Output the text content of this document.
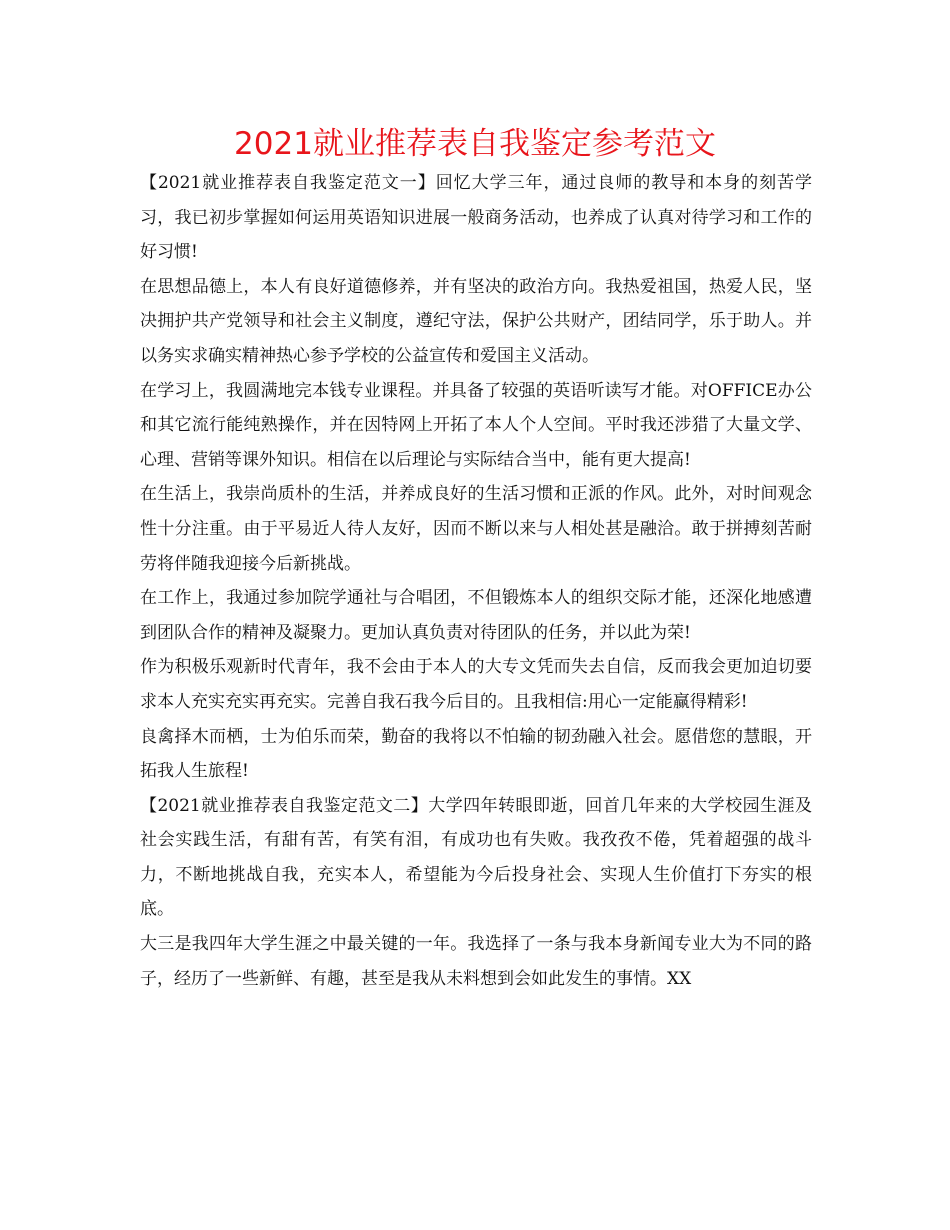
2021就业推荐表自我鉴定参考范文

【2021就业推荐表自我鉴定范文一】回忆大学三年，通过良师的教导和本身的刻苦学习，我已初步掌握如何运用英语知识进展一般商务活动，也养成了认真对待学习和工作的好习惯!

在思想品德上，本人有良好道德修养，并有坚决的政治方向。我热爱祖国，热爱人民，坚决拥护共产党领导和社会主义制度，遵纪守法，保护公共财产，团结同学，乐于助人。并以务实求确实精神热心参予学校的公益宣传和爱国主义活动。

在学习上，我圆满地完本钱专业课程。并具备了较强的英语听读写才能。对OFFICE办公和其它流行能纯熟操作，并在因特网上开拓了本人个人空间。平时我还涉猎了大量文学、心理、营销等课外知识。相信在以后理论与实际结合当中，能有更大提高!

在生活上，我崇尚质朴的生活，并养成良好的生活习惯和正派的作风。此外，对时间观念性十分注重。由于平易近人待人友好，因而不断以来与人相处甚是融洽。敢于拼搏刻苦耐劳将伴随我迎接今后新挑战。

在工作上，我通过参加院学通社与合唱团，不但锻炼本人的组织交际才能，还深化地感遭到团队合作的精神及凝聚力。更加认真负责对待团队的任务，并以此为荣!

作为积极乐观新时代青年，我不会由于本人的大专文凭而失去自信，反而我会更加迫切要求本人充实充实再充实。完善自我石我今后目的。且我相信:用心一定能赢得精彩!

良禽择木而栖，士为伯乐而荣，勤奋的我将以不怕输的韧劲融入社会。愿借您的慧眼，开拓我人生旅程!

【2021就业推荐表自我鉴定范文二】大学四年转眼即逝，回首几年来的大学校园生涯及社会实践生活，有甜有苦，有笑有泪，有成功也有失败。我孜孜不倦，凭着超强的战斗力，不断地挑战自我，充实本人，希望能为今后投身社会、实现人生价值打下夯实的根底。

大三是我四年大学生涯之中最关键的一年。我选择了一条与我本身新闻专业大为不同的路子，经历了一些新鲜、有趣，甚至是我从未料想到会如此发生的事情。XX
